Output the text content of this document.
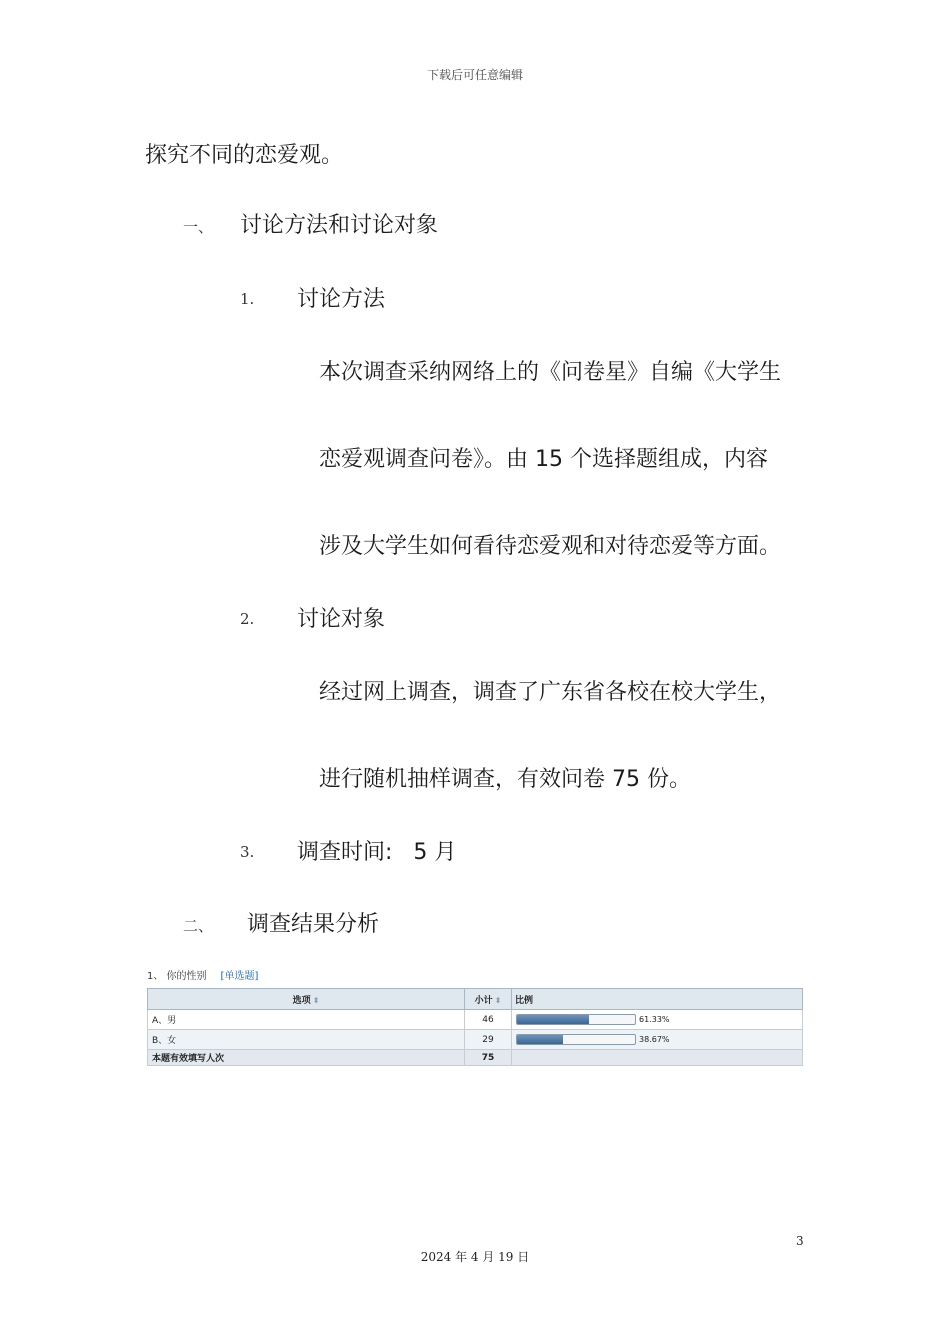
下载后可任意编辑
探究不同的恋爱观。
一、 讨论方法和讨论对象
1. 讨论方法
本次调查采纳网络上的《问卷星》自编《大学生
恋爱观调查问卷》。由 15 个选择题组成，内容
涉及大学生如何看待恋爱观和对待恋爱等方面。
2. 讨论对象
经过网上调查，调查了广东省各校在校大学生，
进行随机抽样调查，有效问卷 75 份。
3. 调查时间:   5 月
二、 调查结果分析
1、 你的性别 [单选题]
选项 ⬍	小计 ⬍	比例
A、男	46	61.33%
B、女	29	38.67%
本题有效填写人次	75	
3
2024 年 4 月 19 日
